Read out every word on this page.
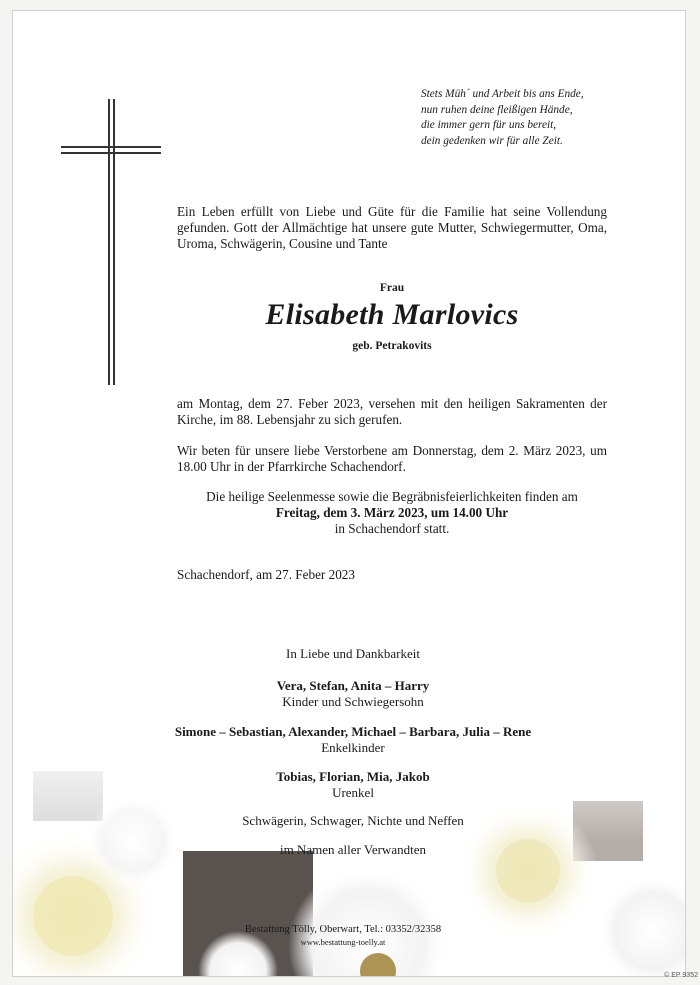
Stets Müh´ und Arbeit bis ans Ende,
nun ruhen deine fleißigen Hände,
die immer gern für uns bereit,
dein gedenken wir für alle Zeit.
Ein Leben erfüllt von Liebe und Güte für die Familie hat seine Vollendung gefunden. Gott der Allmächtige hat unsere gute Mutter, Schwiegermutter, Oma, Uroma, Schwägerin, Cousine und Tante
Frau
Elisabeth Marlovics
geb. Petrakovits
am Montag, dem 27. Feber 2023, versehen mit den heiligen Sakramenten der Kirche, im 88. Lebensjahr zu sich gerufen.
Wir beten für unsere liebe Verstorbene am Donnerstag, dem 2. März 2023, um 18.00 Uhr in der Pfarrkirche Schachendorf.
Die heilige Seelenmesse sowie die Begräbnisfeierlichkeiten finden am
Freitag, dem 3. März 2023, um 14.00 Uhr
in Schachendorf statt.
Schachendorf, am 27. Feber 2023
In Liebe und Dankbarkeit
Vera, Stefan, Anita – Harry
Kinder und Schwiegersohn
Simone – Sebastian, Alexander, Michael – Barbara, Julia – Rene
Enkelkinder
Tobias, Florian, Mia, Jakob
Urenkel
Schwägerin, Schwager, Nichte und Neffen
im Namen aller Verwandten
Bestattung Tölly, Oberwart, Tel.: 03352/32358
www.bestattung-toelly.at
© EP 9352
